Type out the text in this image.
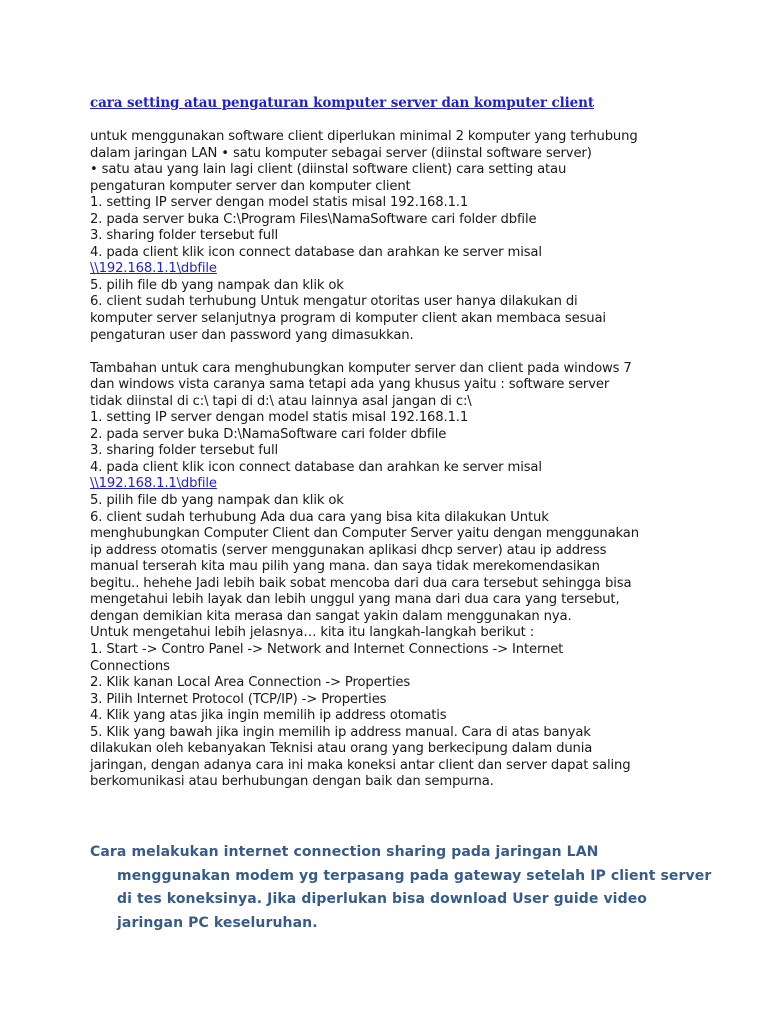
cara setting atau pengaturan komputer server dan komputer client
untuk menggunakan software client diperlukan minimal 2 komputer yang terhubung
dalam jaringan LAN • satu komputer sebagai server (diinstal software server)
• satu atau yang lain lagi client (diinstal software client) cara setting atau
pengaturan komputer server dan komputer client
1. setting IP server dengan model statis misal 192.168.1.1
2. pada server buka C:\Program Files\NamaSoftware cari folder dbfile
3. sharing folder tersebut full
4. pada client klik icon connect database dan arahkan ke server misal
\\192.168.1.1\dbfile
5. pilih file db yang nampak dan klik ok
6. client sudah terhubung Untuk mengatur otoritas user hanya dilakukan di
komputer server selanjutnya program di komputer client akan membaca sesuai
pengaturan user dan password yang dimasukkan.
Tambahan untuk cara menghubungkan komputer server dan client pada windows 7
dan windows vista caranya sama tetapi ada yang khusus yaitu : software server
tidak diinstal di c:\ tapi di d:\ atau lainnya asal jangan di c:\
1. setting IP server dengan model statis misal 192.168.1.1
2. pada server buka D:\NamaSoftware cari folder dbfile
3. sharing folder tersebut full
4. pada client klik icon connect database dan arahkan ke server misal
\\192.168.1.1\dbfile
5. pilih file db yang nampak dan klik ok
6. client sudah terhubung Ada dua cara yang bisa kita dilakukan Untuk
menghubungkan Computer Client dan Computer Server yaitu dengan menggunakan
ip address otomatis (server menggunakan aplikasi dhcp server) atau ip address
manual terserah kita mau pilih yang mana. dan saya tidak merekomendasikan
begitu.. hehehe Jadi lebih baik sobat mencoba dari dua cara tersebut sehingga bisa
mengetahui lebih layak dan lebih unggul yang mana dari dua cara yang tersebut,
dengan demikian kita merasa dan sangat yakin dalam menggunakan nya.
Untuk mengetahui lebih jelasnya… kita itu langkah-langkah berikut :
1. Start -> Contro Panel -> Network and Internet Connections -> Internet
Connections
2. Klik kanan Local Area Connection -> Properties
3. Pilih Internet Protocol (TCP/IP) -> Properties
4. Klik yang atas jika ingin memilih ip address otomatis
5. Klik yang bawah jika ingin memilih ip address manual. Cara di atas banyak
dilakukan oleh kebanyakan Teknisi atau orang yang berkecipung dalam dunia
jaringan, dengan adanya cara ini maka koneksi antar client dan server dapat saling
berkomunikasi atau berhubungan dengan baik dan sempurna.
Cara melakukan internet connection sharing pada jaringan LAN
menggunakan modem yg terpasang pada gateway setelah IP client server
di tes koneksinya. Jika diperlukan bisa download User guide video
jaringan PC keseluruhan.
